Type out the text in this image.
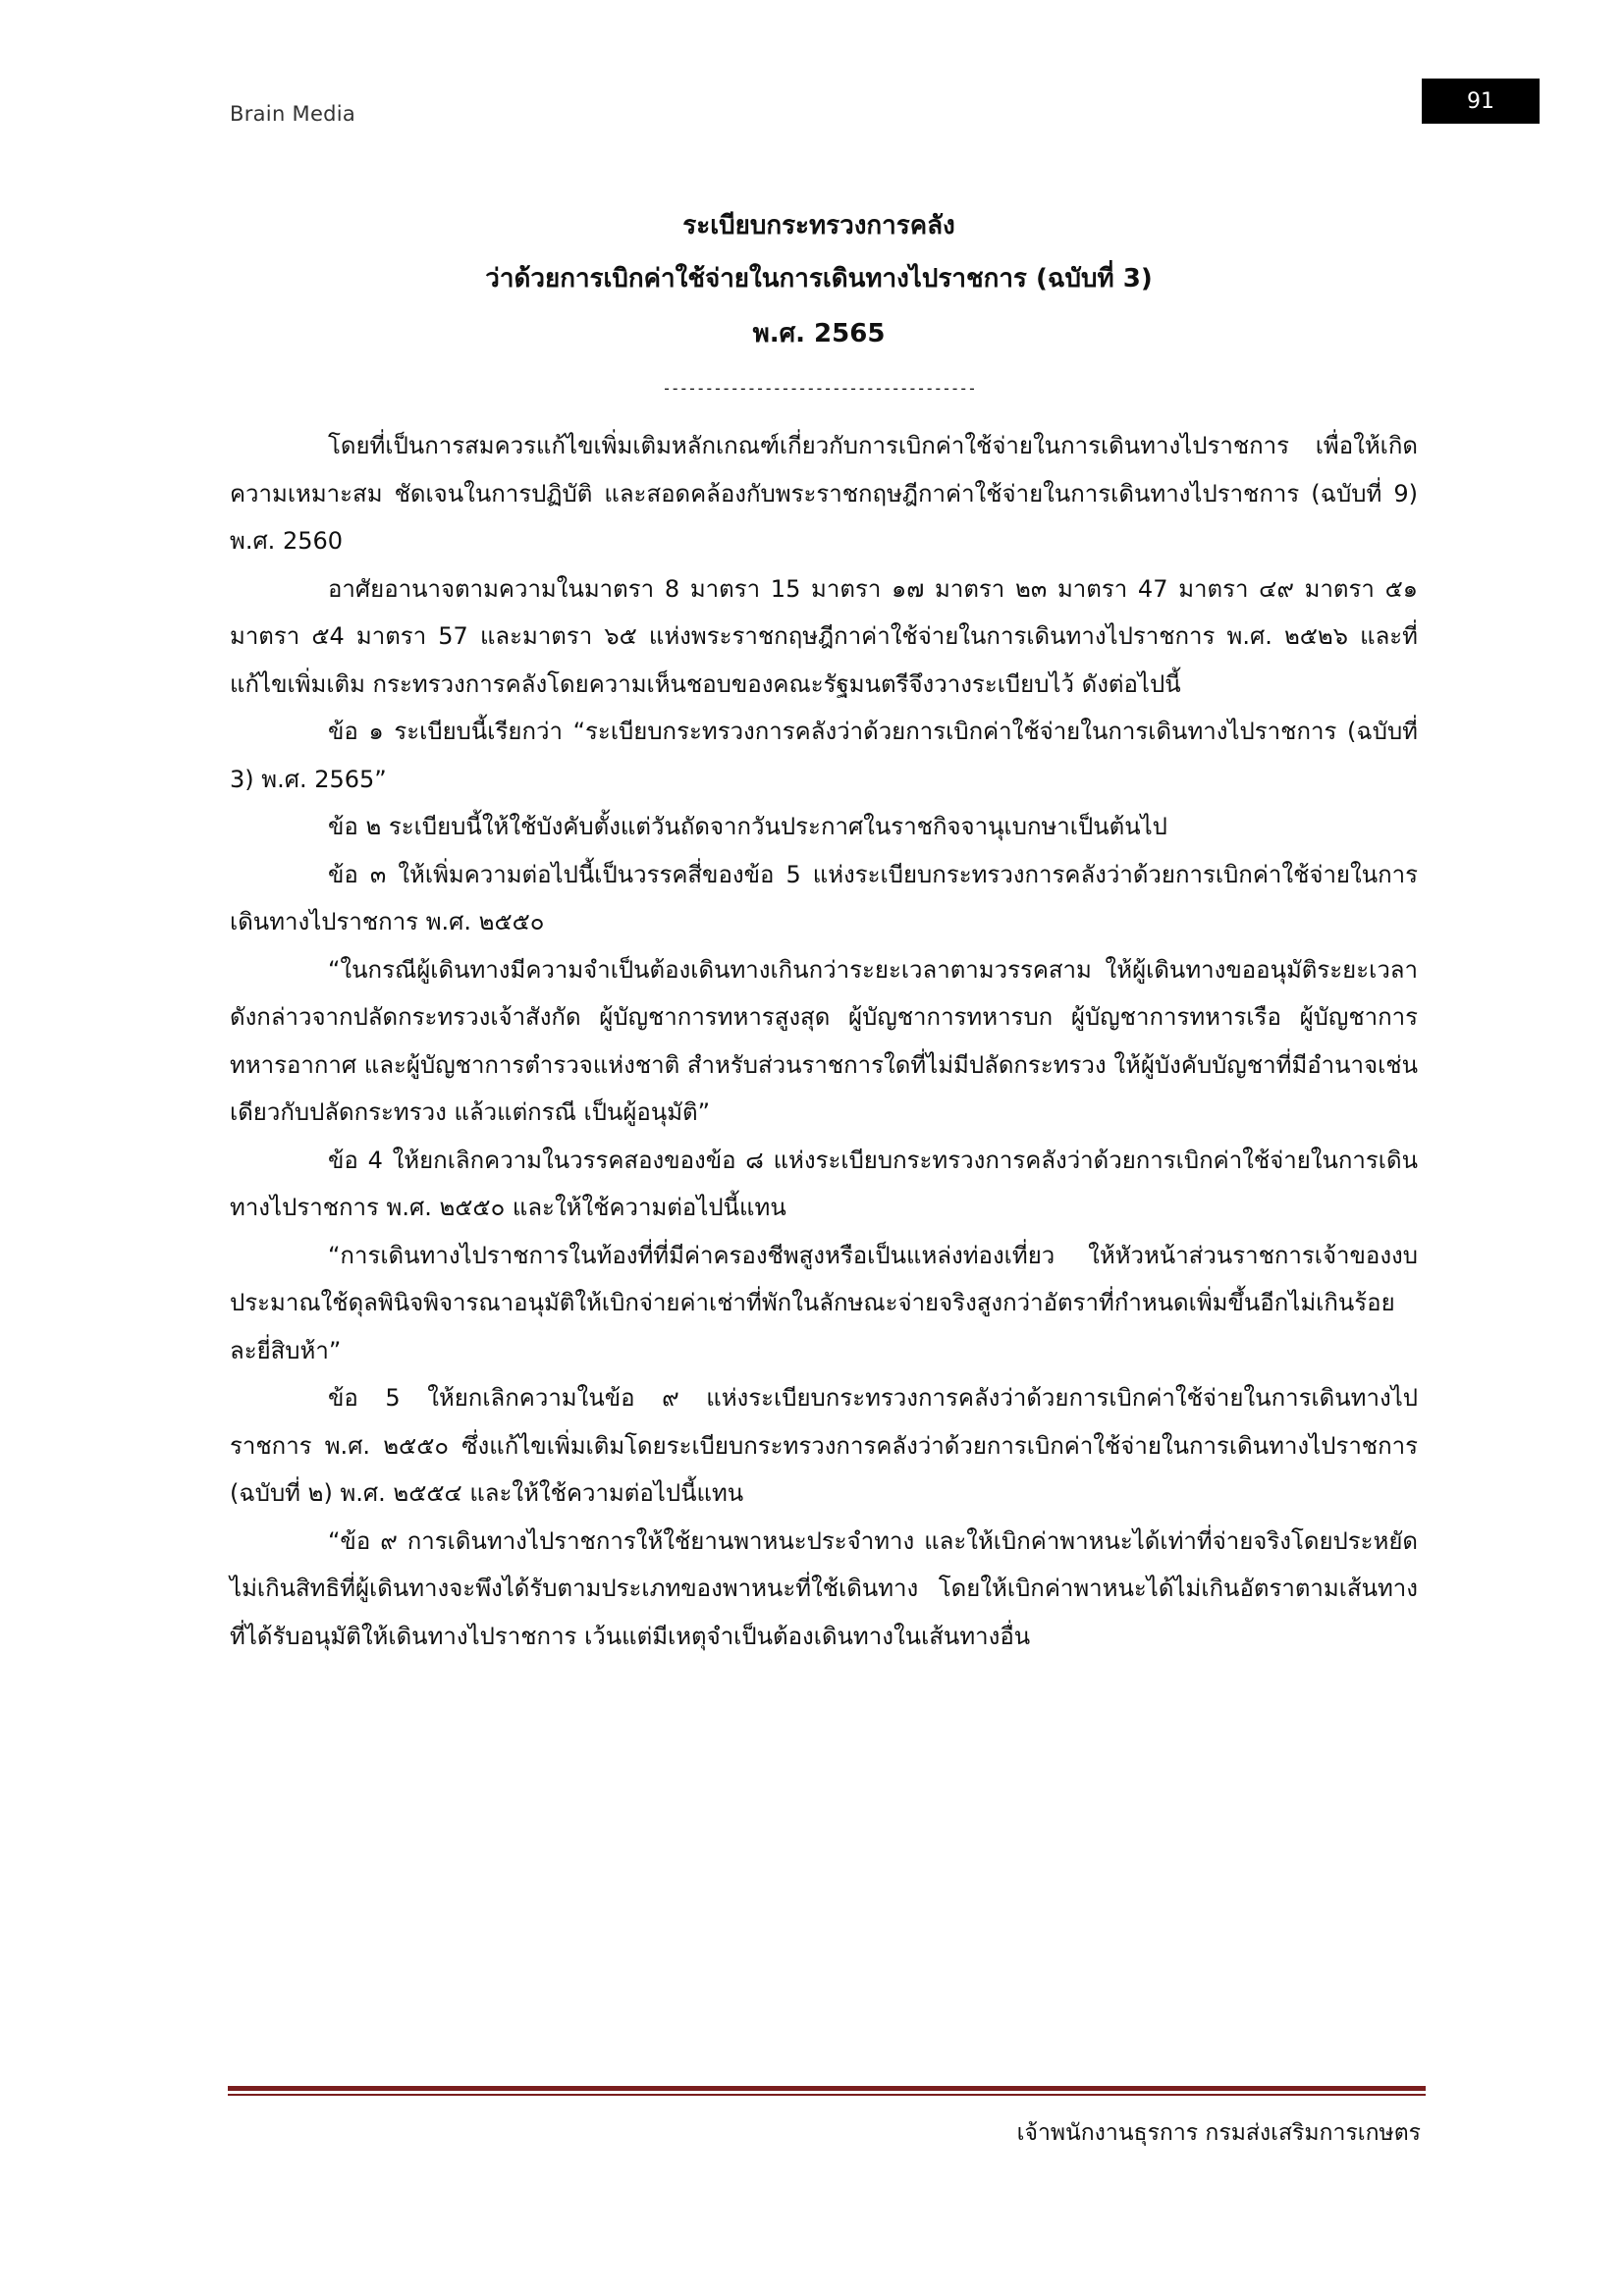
Brain Media
91
ระเบียบกระทรวงการคลัง
ว่าด้วยการเบิกค่าใช้จ่ายในการเดินทางไปราชการ (ฉบับที่ 3)
พ.ศ. 2565
-------------------------------------

โดยที่เป็นการสมควรแก้ไขเพิ่มเติมหลักเกณฑ์เกี่ยวกับการเบิกค่าใช้จ่ายในการเดินทางไปราชการ เพื่อให้เกิดความเหมาะสม ชัดเจนในการปฏิบัติ และสอดคล้องกับพระราชกฤษฎีกาค่าใช้จ่ายในการเดินทางไปราชการ (ฉบับที่ 9) พ.ศ. 2560

อาศัยอานาจตามความในมาตรา 8 มาตรา 15 มาตรา ๑๗ มาตรา ๒๓ มาตรา 47 มาตรา ๔๙ มาตรา ๕๑ มาตรา ๕4 มาตรา 57 และมาตรา ๖๕ แห่งพระราชกฤษฎีกาค่าใช้จ่ายในการเดินทางไปราชการ พ.ศ. ๒๕๒๖ และที่แก้ไขเพิ่มเติม กระทรวงการคลังโดยความเห็นชอบของคณะรัฐมนตรีจึงวางระเบียบไว้ ดังต่อไปนี้

ข้อ ๑ ระเบียบนี้เรียกว่า “ระเบียบกระทรวงการคลังว่าด้วยการเบิกค่าใช้จ่ายในการเดินทางไปราชการ (ฉบับที่ 3) พ.ศ. 2565”

ข้อ ๒ ระเบียบนี้ให้ใช้บังคับตั้งแต่วันถัดจากวันประกาศในราชกิจจานุเบกษาเป็นต้นไป

ข้อ ๓ ให้เพิ่มความต่อไปนี้เป็นวรรคสี่ของข้อ 5 แห่งระเบียบกระทรวงการคลังว่าด้วยการเบิกค่าใช้จ่ายในการเดินทางไปราชการ พ.ศ. ๒๕๕๐

“ในกรณีผู้เดินทางมีความจำเป็นต้องเดินทางเกินกว่าระยะเวลาตามวรรคสาม ให้ผู้เดินทางขออนุมัติระยะเวลาดังกล่าวจากปลัดกระทรวงเจ้าสังกัด ผู้บัญชาการทหารสูงสุด ผู้บัญชาการทหารบก ผู้บัญชาการทหารเรือ ผู้บัญชาการทหารอากาศ และผู้บัญชาการตำรวจแห่งชาติ สำหรับส่วนราชการใดที่ไม่มีปลัดกระทรวง ให้ผู้บังคับบัญชาที่มีอำนาจเช่นเดียวกับปลัดกระทรวง แล้วแต่กรณี เป็นผู้อนุมัติ”

ข้อ 4 ให้ยกเลิกความในวรรคสองของข้อ ๘ แห่งระเบียบกระทรวงการคลังว่าด้วยการเบิกค่าใช้จ่ายในการเดินทางไปราชการ พ.ศ. ๒๕๕๐ และให้ใช้ความต่อไปนี้แทน

“การเดินทางไปราชการในท้องที่ที่มีค่าครองชีพสูงหรือเป็นแหล่งท่องเที่ยว ให้หัวหน้าส่วนราชการเจ้าของงบประมาณใช้ดุลพินิจพิจารณาอนุมัติให้เบิกจ่ายค่าเช่าที่พักในลักษณะจ่ายจริงสูงกว่าอัตราที่กำหนดเพิ่มขึ้นอีกไม่เกินร้อยละยี่สิบห้า”

ข้อ 5 ให้ยกเลิกความในข้อ ๙ แห่งระเบียบกระทรวงการคลังว่าด้วยการเบิกค่าใช้จ่ายในการเดินทางไปราชการ พ.ศ. ๒๕๕๐ ซึ่งแก้ไขเพิ่มเติมโดยระเบียบกระทรวงการคลังว่าด้วยการเบิกค่าใช้จ่ายในการเดินทางไปราชการ (ฉบับที่ ๒) พ.ศ. ๒๕๕๔ และให้ใช้ความต่อไปนี้แทน

“ข้อ ๙ การเดินทางไปราชการให้ใช้ยานพาหนะประจำทาง และให้เบิกค่าพาหนะได้เท่าที่จ่ายจริงโดยประหยัด ไม่เกินสิทธิที่ผู้เดินทางจะพึงได้รับตามประเภทของพาหนะที่ใช้เดินทาง โดยให้เบิกค่าพาหนะได้ไม่เกินอัตราตามเส้นทางที่ได้รับอนุมัติให้เดินทางไปราชการ เว้นแต่มีเหตุจำเป็นต้องเดินทางในเส้นทางอื่น

เจ้าพนักงานธุรการ กรมส่งเสริมการเกษตร
